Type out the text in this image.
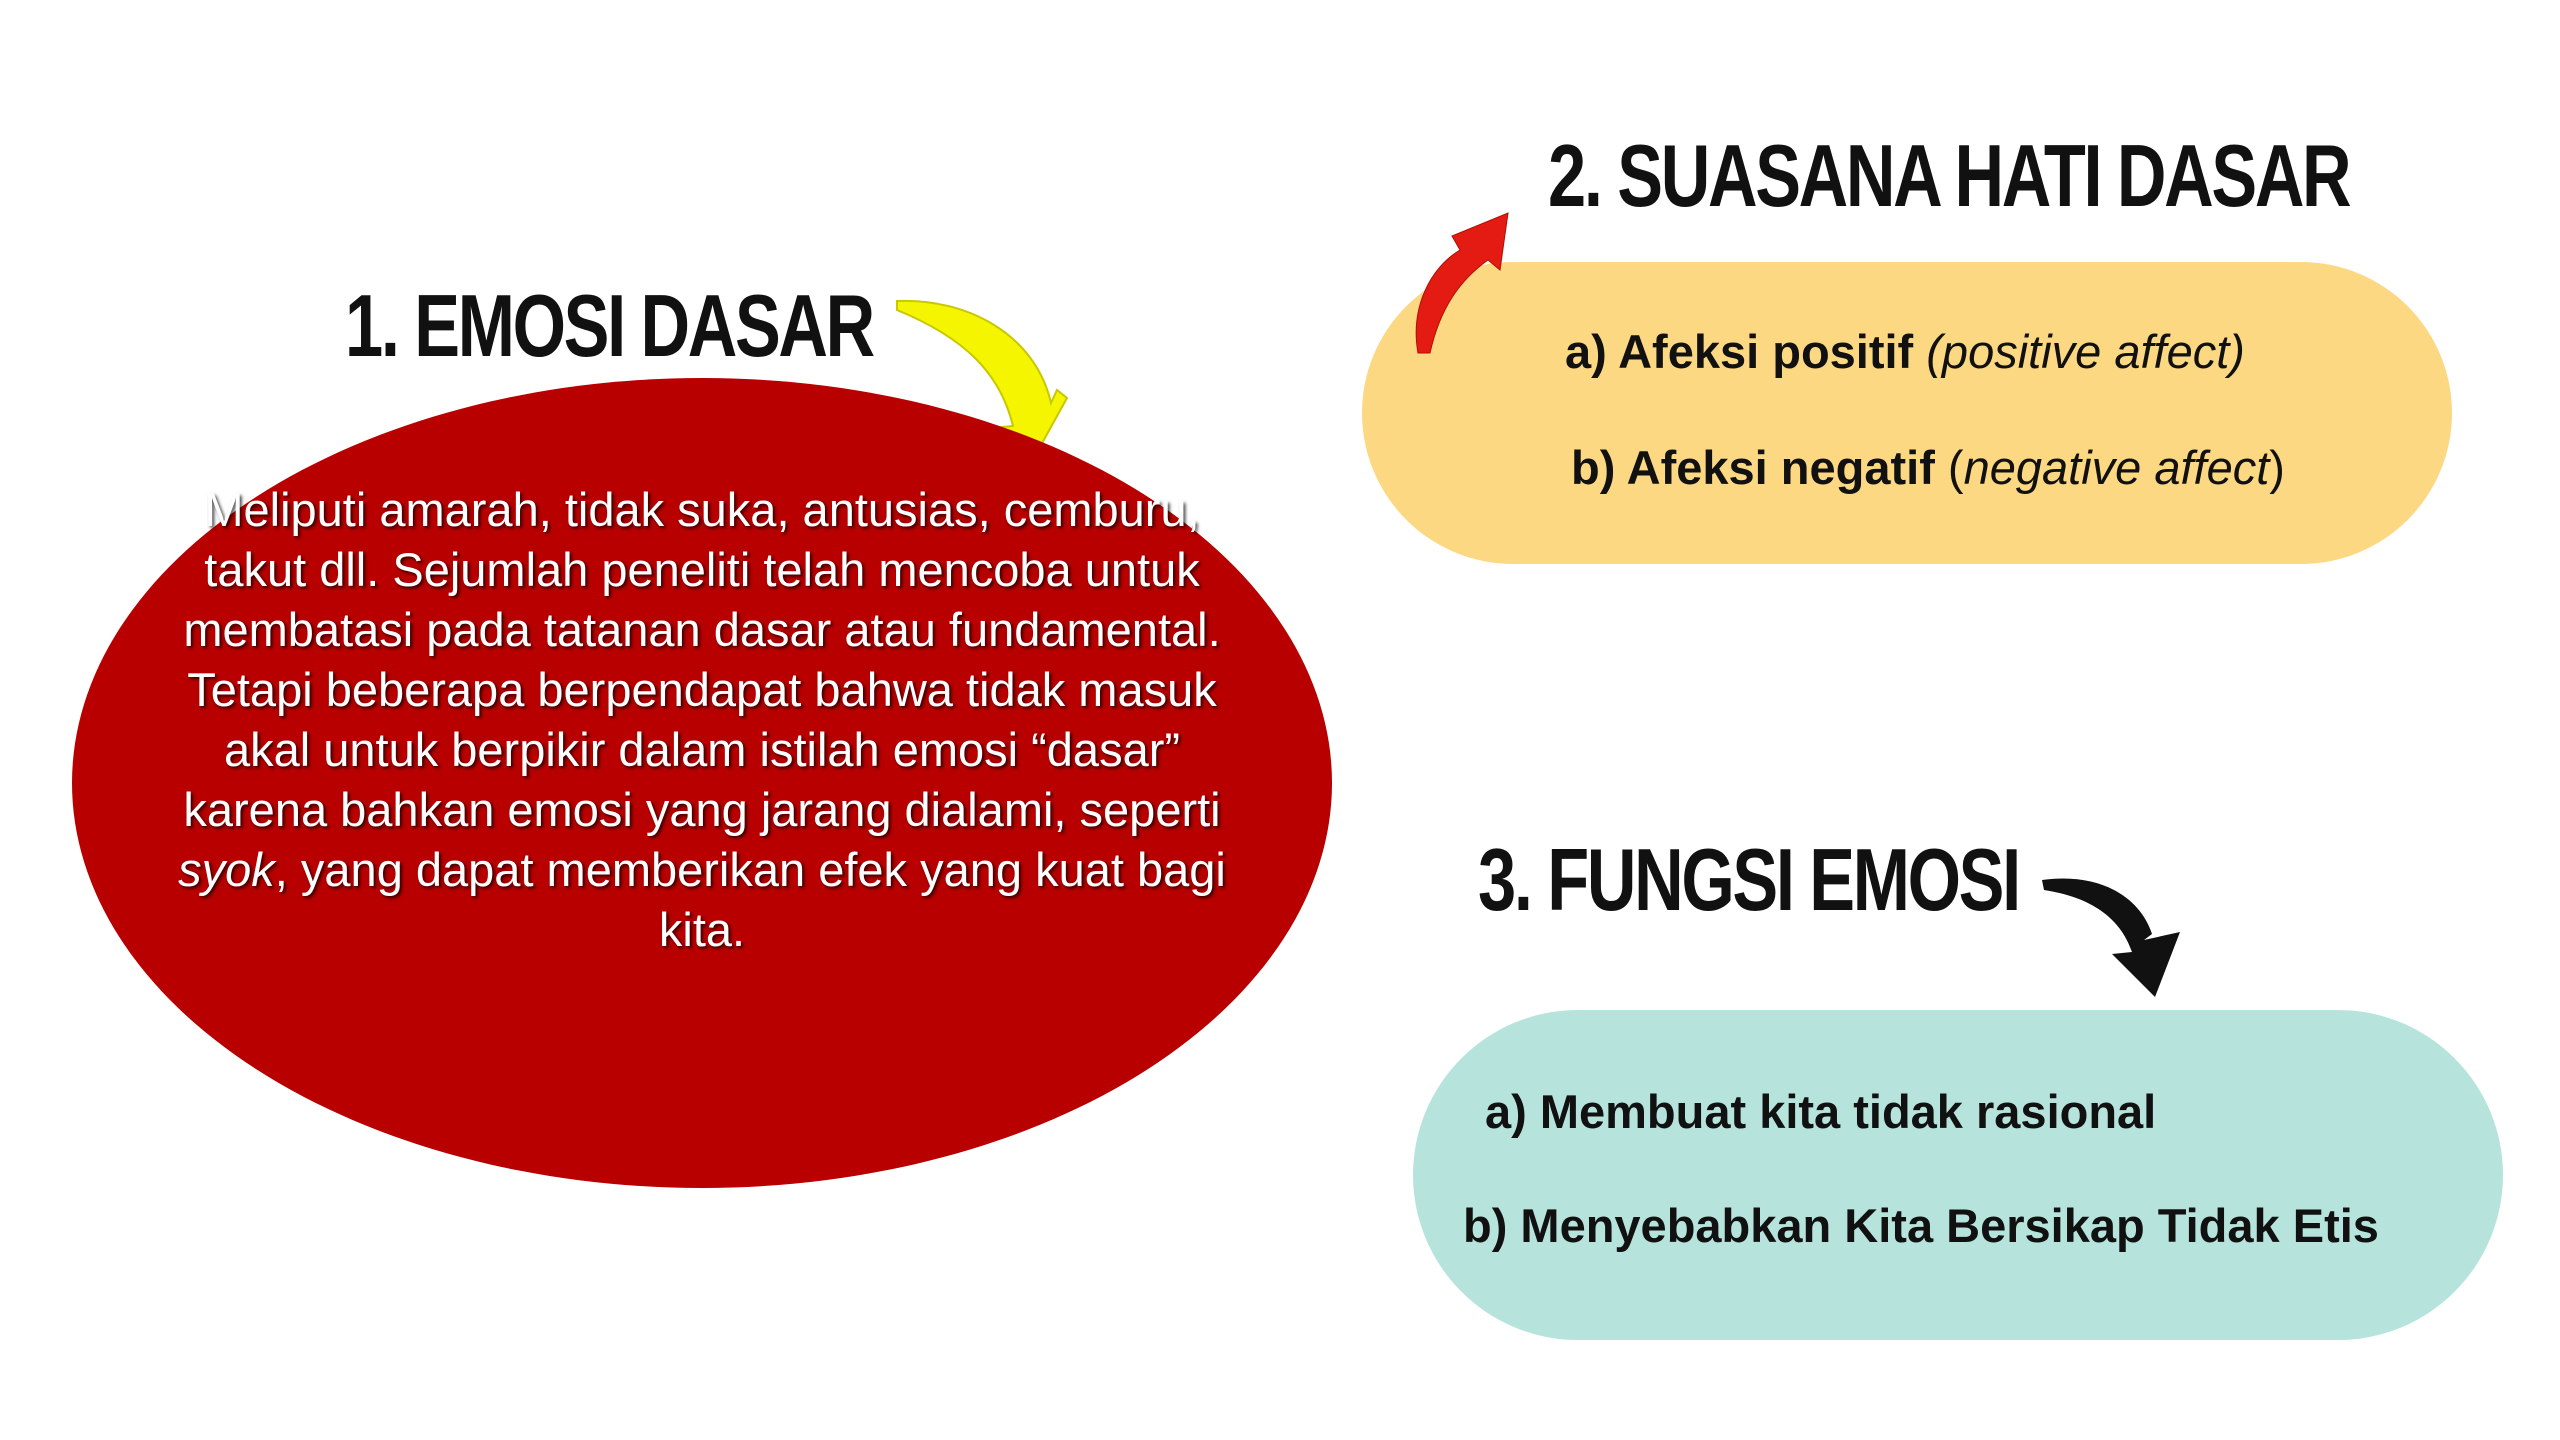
1. EMOSI DASAR

Meliputi amarah, tidak suka, antusias, cemburu, takut dll. Sejumlah peneliti telah mencoba untuk membatasi pada tatanan dasar atau fundamental. Tetapi beberapa berpendapat bahwa tidak masuk akal untuk berpikir dalam istilah emosi “dasar” karena bahkan emosi yang jarang dialami, seperti syok, yang dapat memberikan efek yang kuat bagi kita.

2. SUASANA HATI DASAR

a) Afeksi positif (positive affect)

b) Afeksi negatif (negative affect)

3. FUNGSI EMOSI

a) Membuat kita tidak rasional

b) Menyebabkan Kita Bersikap Tidak Etis
